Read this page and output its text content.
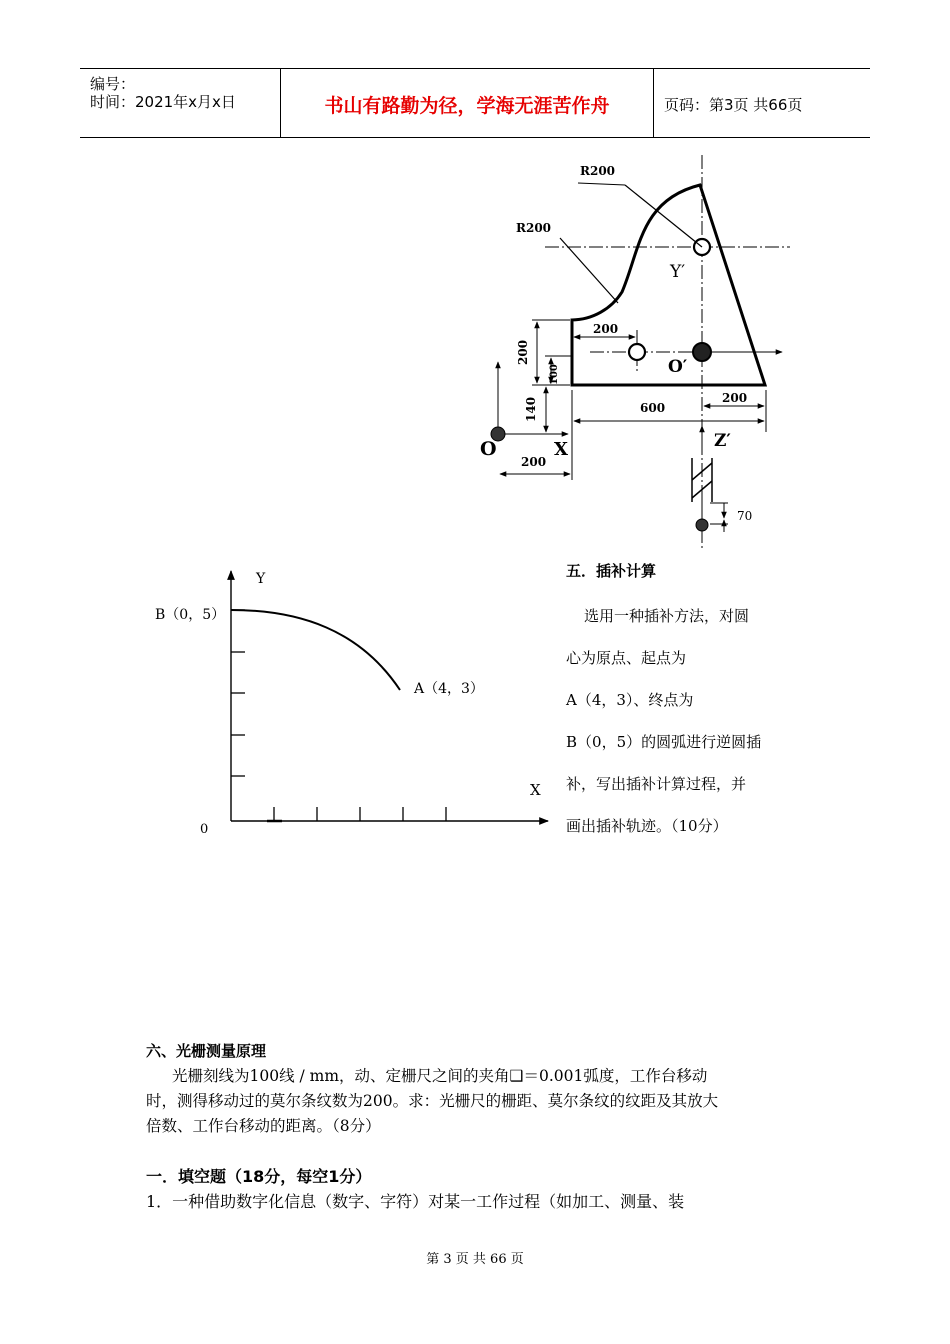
编号：
时间：2021年x月x日	书山有路勤为径，学海无涯苦作舟	页码：第3页 共66页
R200
R200
Y′
O′
Z′
O	X
200
200
100
140	600
200
200
70
Y
X
0
B（0，5）
A（4，3）
五．插补计算
选用一种插补方法，对圆
心为原点、起点为
A（4，3）、终点为
B（0，5）的圆弧进行逆圆插
补，写出插补计算过程，并
画出插补轨迹。（10分）
六、光栅测量原理
光栅刻线为100线 / mm，动、定栅尺之间的夹角❑＝0.001弧度，工作台移动
时，测得移动过的莫尔条纹数为200。求：光栅尺的栅距、莫尔条纹的纹距及其放大
倍数、工作台移动的距离。（8分）
一．填空题（18分，每空1分）
1．一种借助数字化信息（数字、字符）对某一工作过程（如加工、测量、装
第 3 页 共 66 页
